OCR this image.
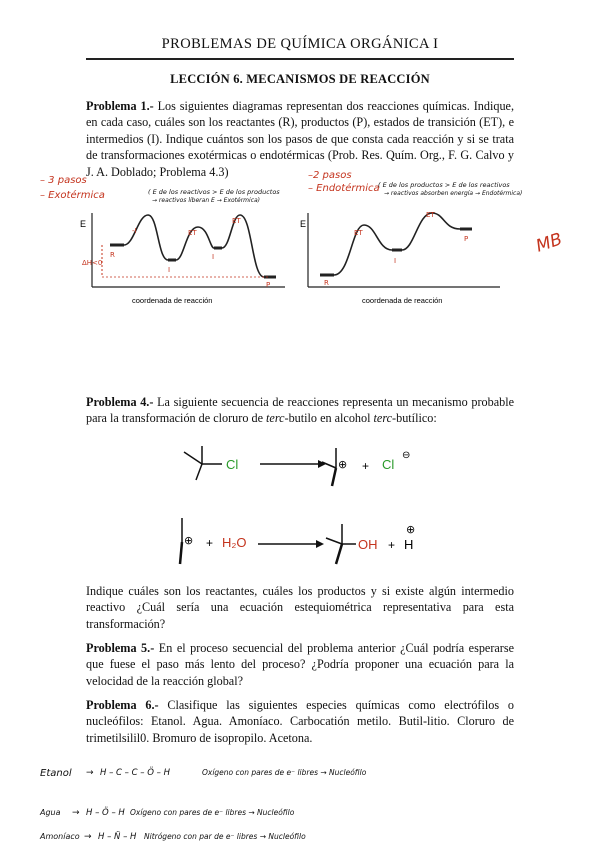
PROBLEMAS DE QUÍMICA ORGÁNICA I
LECCIÓN 6. MECANISMOS DE REACCIÓN
Problema 1.- Los siguientes diagramas representan dos reacciones químicas. Indique, en cada caso, cuáles son los reactantes (R), productos (P), estados de transición (ET), e intermedios (I). Indique cuántos son los pasos de que consta cada reacción y si se trata de transformaciones exotérmicas o endotérmicas (Prob. Res. Quím. Org., F. G. Calvo y J. A. Doblado; Problema 4.3)
– 3 pasos
– Exotérmica	( E de los reactivos > E de los productos
→ reactivos liberan E → Exotérmica)
–2 pasos
– Endotérmica
( E de los productos > E de los reactivos
→ reactivos absorben energía → Endotérmica)
MB
E
coordenada de reacción
R
-I
I
ET
I
ET
P
ΔH<0
E
coordenada de reacción
R
ET
I
ET
P
Problema 4.- La siguiente secuencia de reacciones representa un mecanismo probable para la transformación de cloruro de terc-butilo en alcohol terc-butílico:
Cl	⊕ + Cl
⊖
⊕ + H₂O	OH + H
⊕
Indique cuáles son los reactantes, cuáles los productos y si existe algún intermedio reactivo ¿Cuál sería una ecuación estequiométrica representativa para esta transformación?
Problema 5.- En el proceso secuencial del problema anterior ¿Cuál podría esperarse que fuese el paso más lento del proceso? ¿Podría proponer una ecuación para la velocidad de la reacción global?
Problema 6.- Clasifique las siguientes especies químicas como electrófilos o nucleófilos: Etanol. Agua. Amoníaco. Carbocatión metilo. Butil-litio. Cloruro de trimetilsilil0. Bromuro de isopropilo. Acetona.
Etanol → H – C – C – Ö – H	Oxígeno con pares de e⁻ libres → Nucleófilo
Agua → H – Ö – H Oxígeno con pares de e⁻ libres → Nucleófilo
Amoníaco → H – N̈ – H Nitrógeno con par de e⁻ libres → Nucleófilo
